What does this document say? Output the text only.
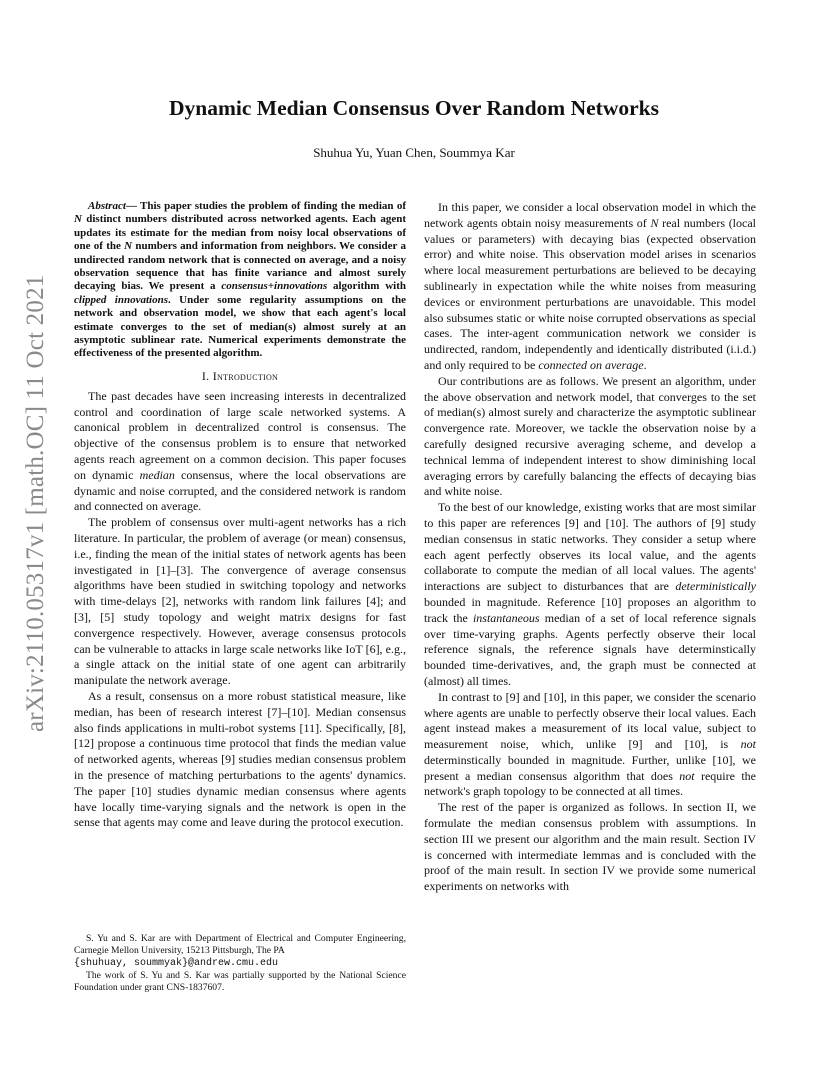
arXiv:2110.05317v1 [math.OC] 11 Oct 2021
Dynamic Median Consensus Over Random Networks

Shuhua Yu, Yuan Chen, Soummya Kar

Abstract— This paper studies the problem of finding the median of N distinct numbers distributed across networked agents. Each agent updates its estimate for the median from noisy local observations of one of the N numbers and information from neighbors. We consider a undirected random network that is connected on average, and a noisy observation sequence that has finite variance and almost surely decaying bias. We present a consensus+innovations algorithm with clipped innovations. Under some regularity assumptions on the network and observation model, we show that each agent's local estimate converges to the set of median(s) almost surely at an asymptotic sublinear rate. Numerical experiments demonstrate the effectiveness of the presented algorithm.

I. Introduction

The past decades have seen increasing interests in decentralized control and coordination of large scale networked systems. A canonical problem in decentralized control is consensus. The objective of the consensus problem is to ensure that networked agents reach agreement on a common decision. This paper focuses on dynamic median consensus, where the local observations are dynamic and noise corrupted, and the considered network is random and connected on average.

The problem of consensus over multi-agent networks has a rich literature. In particular, the problem of average (or mean) consensus, i.e., finding the mean of the initial states of network agents has been investigated in [1]–[3]. The convergence of average consensus algorithms have been studied in switching topology and networks with time-delays [2], networks with random link failures [4]; and [3], [5] study topology and weight matrix designs for fast convergence respectively. However, average consensus protocols can be vulnerable to attacks in large scale networks like IoT [6], e.g., a single attack on the initial state of one agent can arbitrarily manipulate the network average.

As a result, consensus on a more robust statistical measure, like median, has been of research interest [7]–[10]. Median consensus also finds applications in multi-robot systems [11]. Specifically, [8], [12] propose a continuous time protocol that finds the median value of networked agents, whereas [9] studies median consensus problem in the presence of matching perturbations to the agents' dynamics. The paper [10] studies dynamic median consensus where agents have locally time-varying signals and the network is open in the sense that agents may come and leave during the protocol execution.

S. Yu and S. Kar are with Department of Electrical and Computer Engineering, Carnegie Mellon University, 15213 Pittsburgh, The PA
{shuhuay, soummyak}@andrew.cmu.edu

The work of S. Yu and S. Kar was partially supported by the National Science Foundation under grant CNS-1837607.

In this paper, we consider a local observation model in which the network agents obtain noisy measurements of N real numbers (local values or parameters) with decaying bias (expected observation error) and white noise. This observation model arises in scenarios where local measurement perturbations are believed to be decaying sublinearly in expectation while the white noises from measuring devices or environment perturbations are unavoidable. This model also subsumes static or white noise corrupted observations as special cases. The inter-agent communication network we consider is undirected, random, independently and identically distributed (i.i.d.) and only required to be connected on average.

Our contributions are as follows. We present an algorithm, under the above observation and network model, that converges to the set of median(s) almost surely and characterize the asymptotic sublinear convergence rate. Moreover, we tackle the observation noise by a carefully designed recursive averaging scheme, and develop a technical lemma of independent interest to show diminishing local averaging errors by carefully balancing the effects of decaying bias and white noise.

To the best of our knowledge, existing works that are most similar to this paper are references [9] and [10]. The authors of [9] study median consensus in static networks. They consider a setup where each agent perfectly observes its local value, and the agents collaborate to compute the median of all local values. The agents' interactions are subject to disturbances that are deterministically bounded in magnitude. Reference [10] proposes an algorithm to track the instantaneous median of a set of local reference signals over time-varying graphs. Agents perfectly observe their local reference signals, the reference signals have determinstically bounded time-derivatives, and, the graph must be connected at (almost) all times.

In contrast to [9] and [10], in this paper, we consider the scenario where agents are unable to perfectly observe their local values. Each agent instead makes a measurement of its local value, subject to measurement noise, which, unlike [9] and [10], is not determinstically bounded in magnitude. Further, unlike [10], we present a median consensus algorithm that does not require the network's graph topology to be connected at all times.

The rest of the paper is organized as follows. In section II, we formulate the median consensus problem with assumptions. In section III we present our algorithm and the main result. Section IV is concerned with intermediate lemmas and is concluded with the proof of the main result. In section IV we provide some numerical experiments on networks with
